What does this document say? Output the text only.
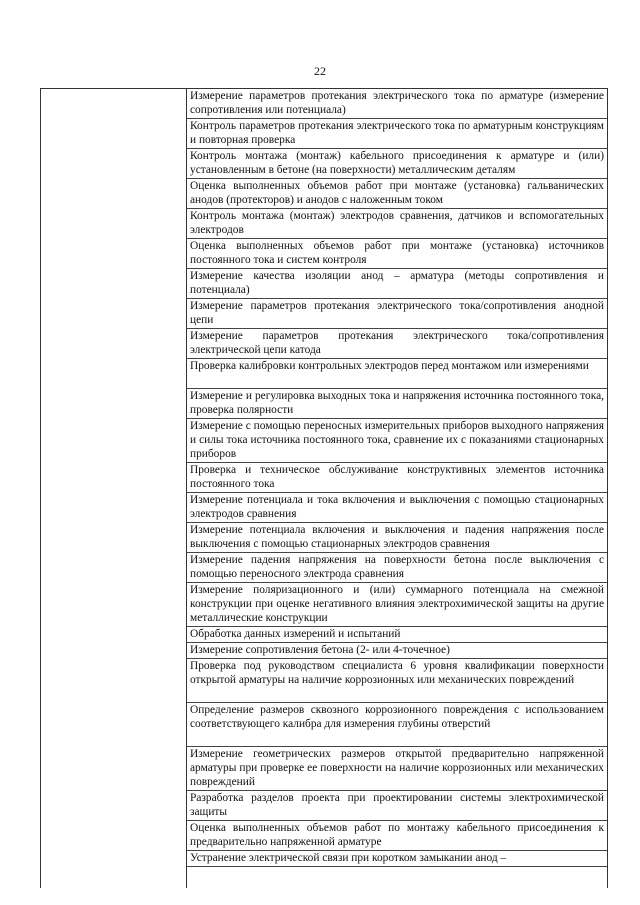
22
Измерение параметров протекания электрического тока по арматуре (измерение сопротивления или потенциала)
Контроль параметров протекания электрического тока по арматурным конструкциям и повторная проверка
Контроль монтажа (монтаж) кабельного присоединения к арматуре и (или) установленным в бетоне (на поверхности) металлическим деталям
Оценка выполненных объемов работ при монтаже (установка) гальванических анодов (протекторов) и анодов с наложенным током
Контроль монтажа (монтаж) электродов сравнения, датчиков и вспомогательных электродов
Оценка выполненных объемов работ при монтаже (установка) источников постоянного тока и систем контроля
Измерение качества изоляции анод – арматура (методы сопротивления и потенциала)
Измерение параметров протекания электрического тока/сопротивления анодной цепи
Измерение параметров протекания электрического тока/сопротивления электрической цепи катода
Проверка калибровки контрольных электродов перед монтажом или измерениями
Измерение и регулировка выходных тока и напряжения источника постоянного тока, проверка полярности
Измерение с помощью переносных измерительных приборов выходного напряжения и силы тока источника постоянного тока, сравнение их с показаниями стационарных приборов
Проверка и техническое обслуживание конструктивных элементов источника постоянного тока
Измерение потенциала и тока включения и выключения с помощью стационарных электродов сравнения
Измерение потенциала включения и выключения и падения напряжения после выключения с помощью стационарных электродов сравнения
Измерение падения напряжения на поверхности бетона после выключения с помощью переносного электрода сравнения
Измерение поляризационного и (или) суммарного потенциала на смежной конструкции при оценке негативного влияния электрохимической защиты на другие металлические конструкции
Обработка данных измерений и испытаний
Измерение сопротивления бетона (2- или 4-точечное)
Проверка под руководством специалиста 6 уровня квалификации поверхности открытой арматуры на наличие коррозионных или механических повреждений
Определение размеров сквозного коррозионного повреждения с использованием соответствующего калибра для измерения глубины отверстий
Измерение геометрических размеров открытой предварительно напряженной арматуры при проверке ее поверхности на наличие коррозионных или механических повреждений
Разработка разделов проекта при проектировании системы электрохимической защиты
Оценка выполненных объемов работ по монтажу кабельного присоединения к предварительно напряженной арматуре
Устранение электрической связи при коротком замыкании анод –
